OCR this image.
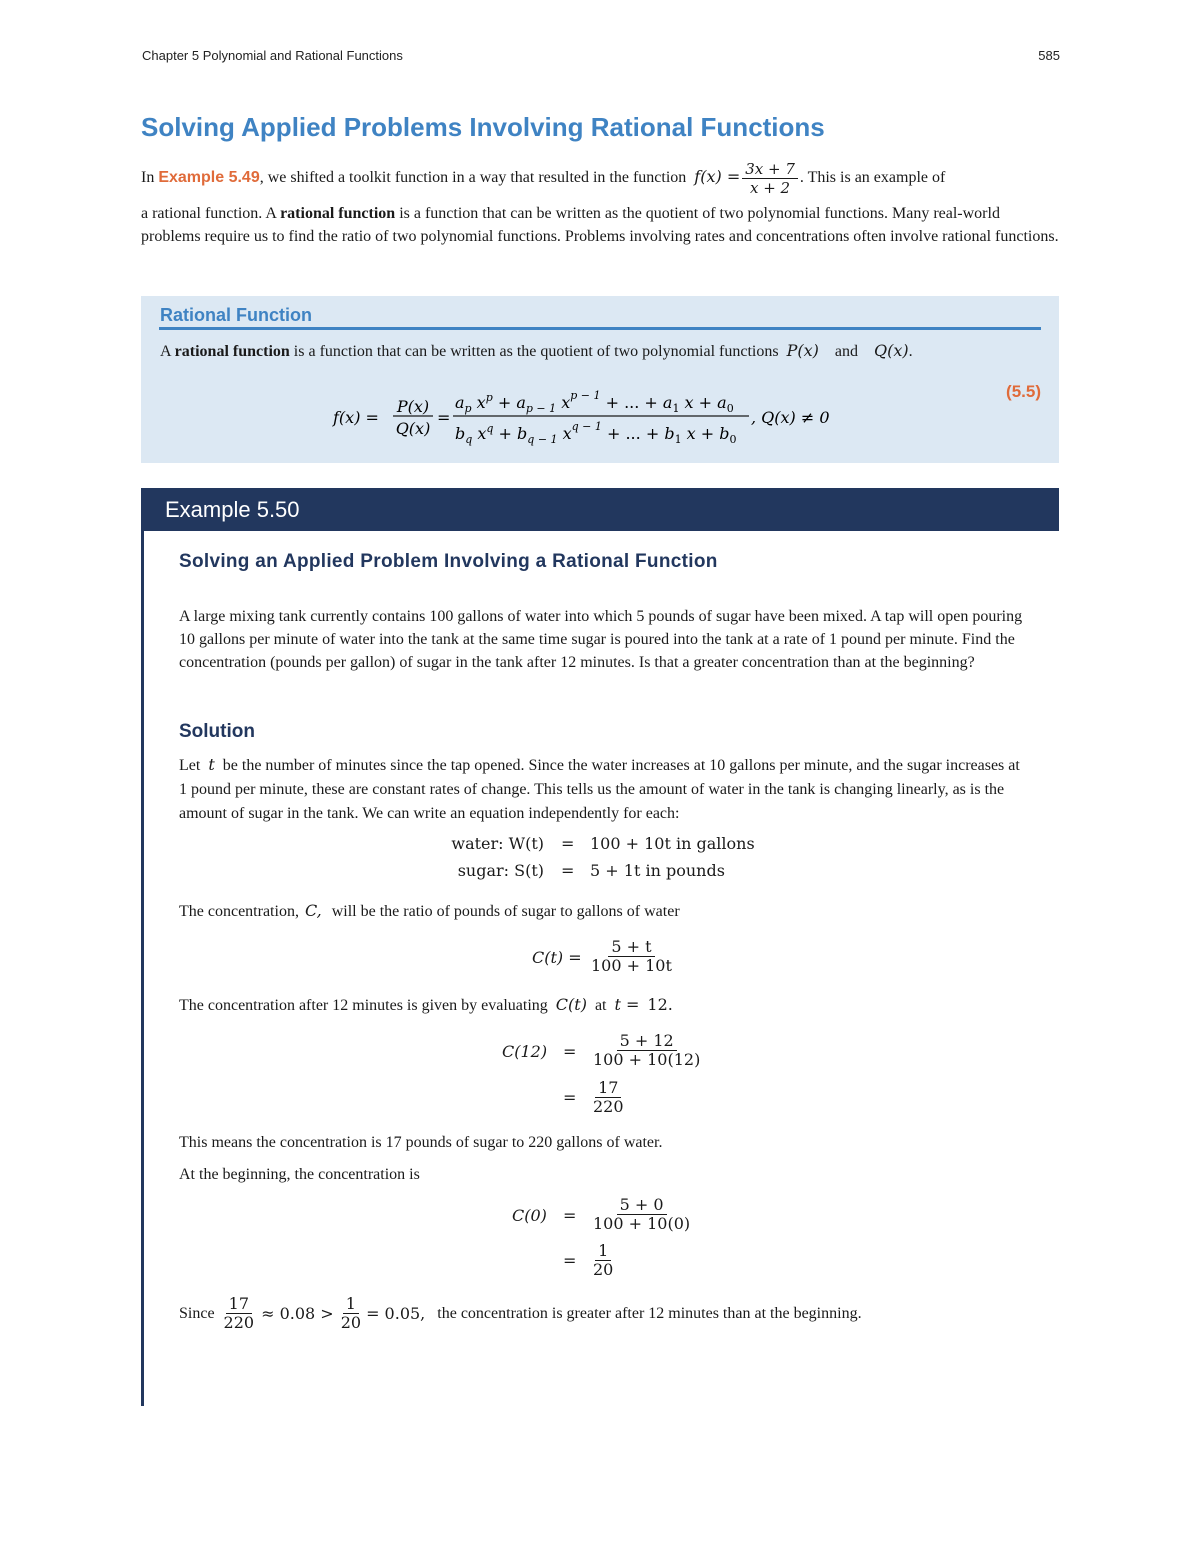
Chapter 5 Polynomial and Rational Functions	585
Solving Applied Problems Involving Rational Functions
In Example 5.49, we shifted a toolkit function in a way that resulted in the function $f(x) = \frac{3x + 7}{x + 2}$ . This is an example of
a rational function. A rational function is a function that can be written as the quotient of two polynomial functions. Many real-world problems require us to find the ratio of two polynomial functions. Problems involving rates and concentrations often involve rational functions.
Rational Function
A rational function is a function that can be written as the quotient of two polynomial functions P(x) and Q(x).
f(x) =
P(x)
Q(x)
=
$a_p$ $x^p + a_{p - 1}$ $x^{p - 1}$ + ... + $a_1$ $x + a_0$
$b_q$ $x^q + b_{q - 1}$ $x^{q - 1}$ + ... + $b_1$ $x + b_0$
, Q(x) ≠ 0
(5.5)
Example 5.50
Solving an Applied Problem Involving a Rational Function
A large mixing tank currently contains 100 gallons of water into which 5 pounds of sugar have been mixed. A tap will open pouring 10 gallons per minute of water into the tank at the same time sugar is poured into the tank at a rate of 1 pound per minute. Find the concentration (pounds per gallon) of sugar in the tank after 12 minutes. Is that a greater concentration than at the beginning?
Solution
Let t be the number of minutes since the tap opened. Since the water increases at 10 gallons per minute, and the sugar increases at 1 pound per minute, these are constant rates of change. This tells us the amount of water in the tank is changing linearly, as is the amount of sugar in the tank. We can write an equation independently for each:
water: W(t) = 100 + 10t in gallons
sugar: S(t) = 5 + 1t in pounds
The concentration, C, will be the ratio of pounds of sugar to gallons of water
$C(t) = \frac{5 + t}{100 + 10t}$
The concentration after 12 minutes is given by evaluating C(t) at t = 12.
$C(12) = \frac{5 + 12}{100 + 10(12)}$
= $\frac{17}{220}$
This means the concentration is 17 pounds of sugar to 220 gallons of water.
At the beginning, the concentration is
$C(0) = \frac{5 + 0}{100 + 10(0)}$
= $\frac{1}{20}$
Since $\frac{17}{220} \approx 0.08 > \frac{1}{20} = 0.05$, the concentration is greater after 12 minutes than at the beginning.
